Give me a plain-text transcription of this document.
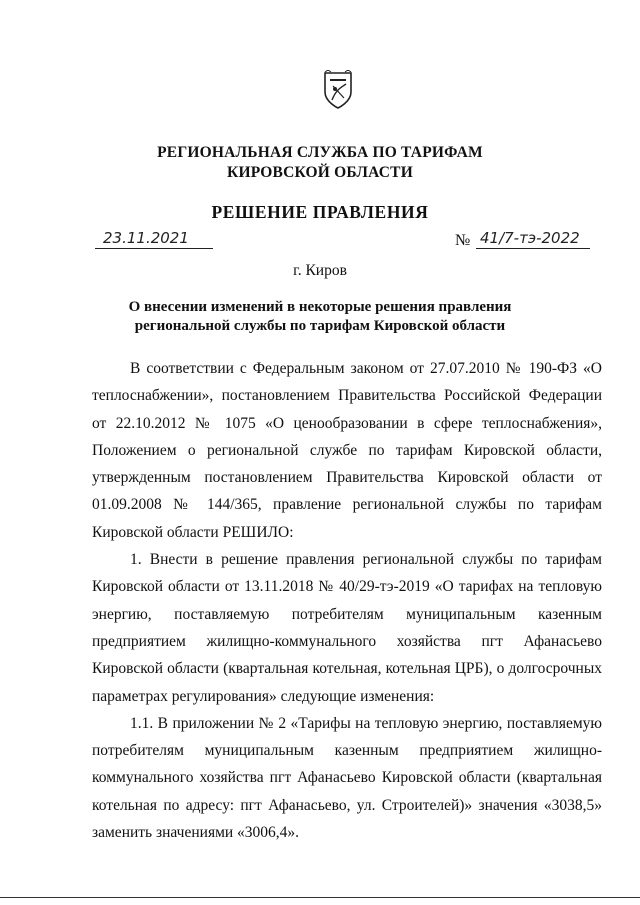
РЕГИОНАЛЬНАЯ СЛУЖБА ПО ТАРИФАМ
КИРОВСКОЙ ОБЛАСТИ
РЕШЕНИЕ ПРАВЛЕНИЯ
23.11.2021	№ 41/7-тэ-2022
г. Киров
О внесении изменений в некоторые решения правления региональной службы по тарифам Кировской области

В соответствии с Федеральным законом от 27.07.2010 № 190-ФЗ «О теплоснабжении», постановлением Правительства Российской Федерации от 22.10.2012 № 1075 «О ценообразовании в сфере теплоснабжения», Положением о региональной службе по тарифам Кировской области, утвержденным постановлением Правительства Кировской области от 01.09.2008 № 144/365, правление региональной службы по тарифам Кировской области РЕШИЛО:

1. Внести в решение правления региональной службы по тарифам Кировской области от 13.11.2018 № 40/29-тэ-2019 «О тарифах на тепловую энергию, поставляемую потребителям муниципальным казенным предприятием жилищно-коммунального хозяйства пгт Афанасьево Кировской области (квартальная котельная, котельная ЦРБ), о долгосрочных параметрах регулирования» следующие изменения:

1.1. В приложении № 2 «Тарифы на тепловую энергию, поставляемую потребителям муниципальным казенным предприятием жилищно-коммунального хозяйства пгт Афанасьево Кировской области (квартальная котельная по адресу: пгт Афанасьево, ул. Строителей)» значения «3038,5» заменить значениями «3006,4».
